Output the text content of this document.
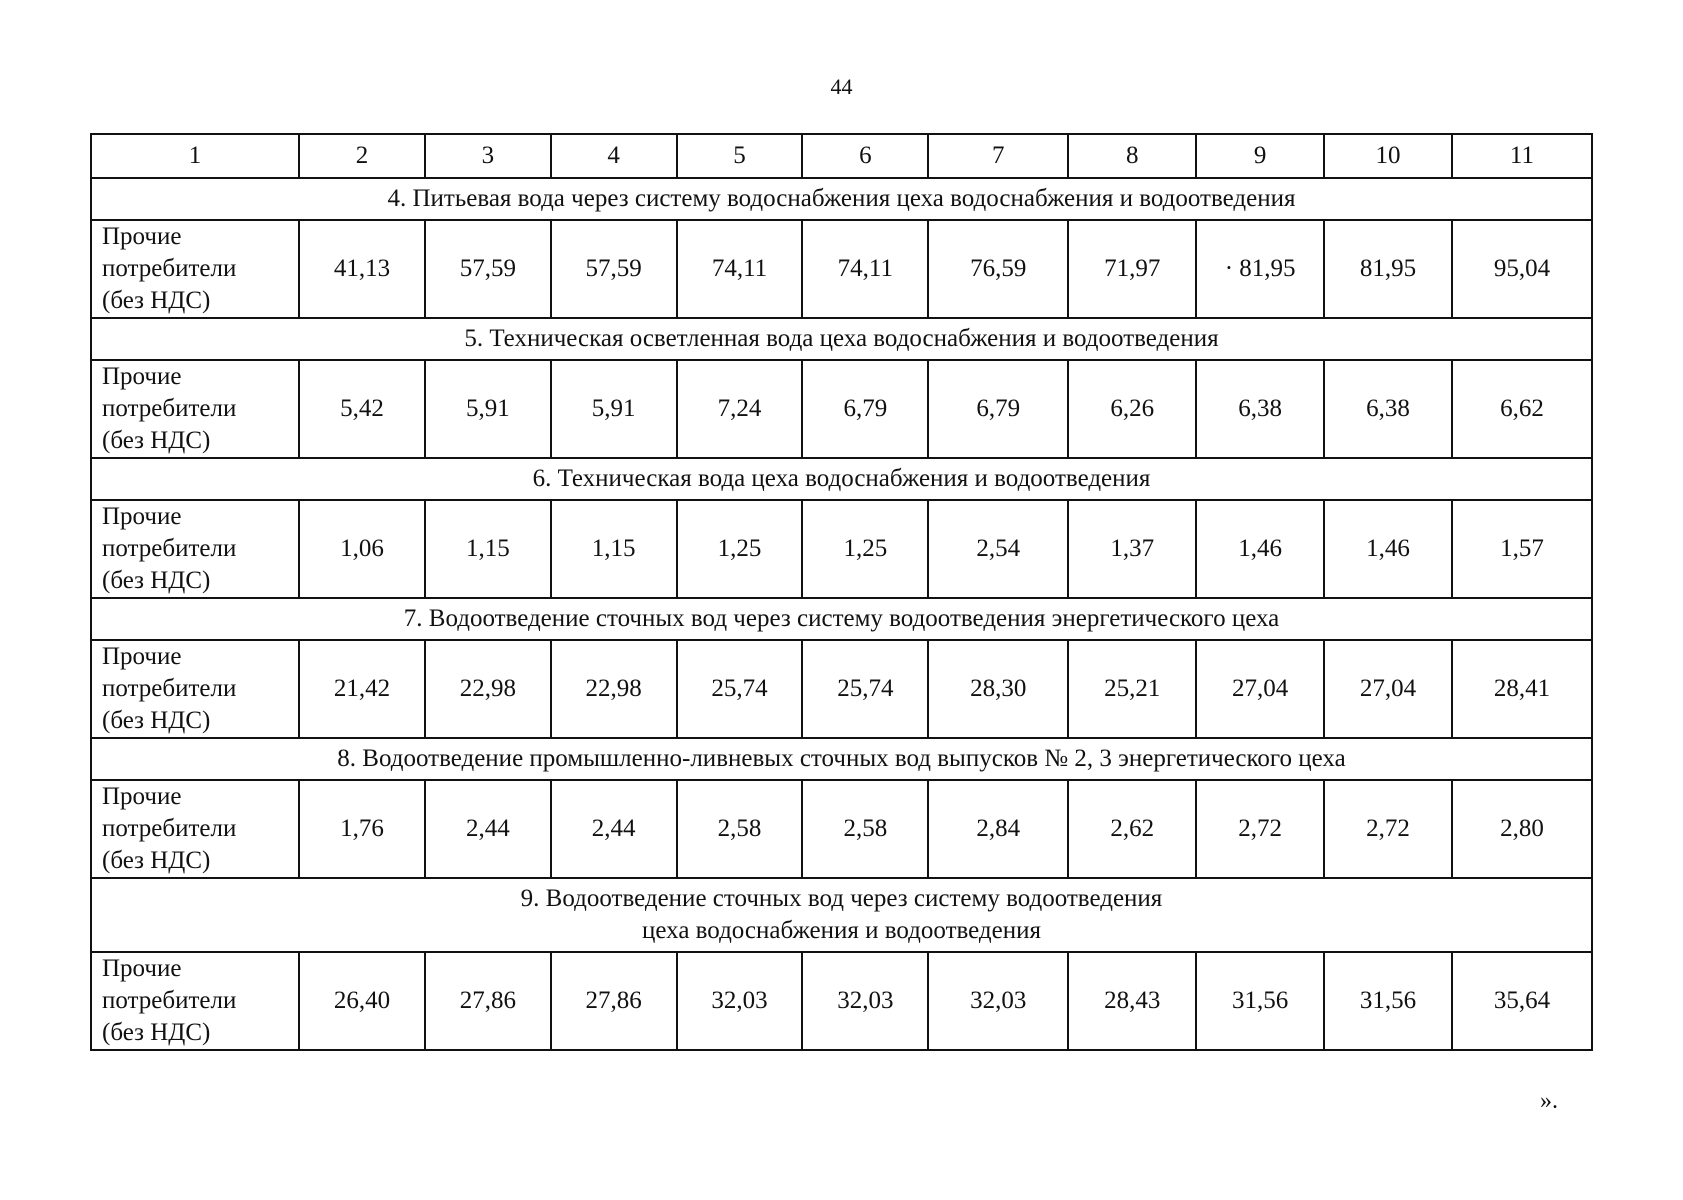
44
1	2	3	4	5	6	7	8	9	10	11

4. Питьевая вода через систему водоснабжения цеха водоснабжения и водоотведения										

Прочие
потребители
(без НДС)	41,13	57,59	57,59	74,11	74,11	76,59	71,97	· 81,95	81,95	95,04

5. Техническая осветленная вода цеха водоснабжения и водоотведения										

Прочие
потребители
(без НДС)	5,42	5,91	5,91	7,24	6,79	6,79	6,26	6,38	6,38	6,62

6. Техническая вода цеха водоснабжения и водоотведения										

Прочие
потребители
(без НДС)	1,06	1,15	1,15	1,25	1,25	2,54	1,37	1,46	1,46	1,57

7. Водоотведение сточных вод через систему водоотведения энергетического цеха										

Прочие
потребители
(без НДС)	21,42	22,98	22,98	25,74	25,74	28,30	25,21	27,04	27,04	28,41

8. Водоотведение промышленно-ливневых сточных вод выпусков № 2, 3 энергетического цеха										

Прочие
потребители
(без НДС)	1,76	2,44	2,44	2,58	2,58	2,84	2,62	2,72	2,72	2,80

9. Водоотведение сточных вод через систему водоотведения
цеха водоснабжения и водоотведения										

Прочие
потребители
(без НДС)	26,40	27,86	27,86	32,03	32,03	32,03	28,43	31,56	31,56	35,64
».
